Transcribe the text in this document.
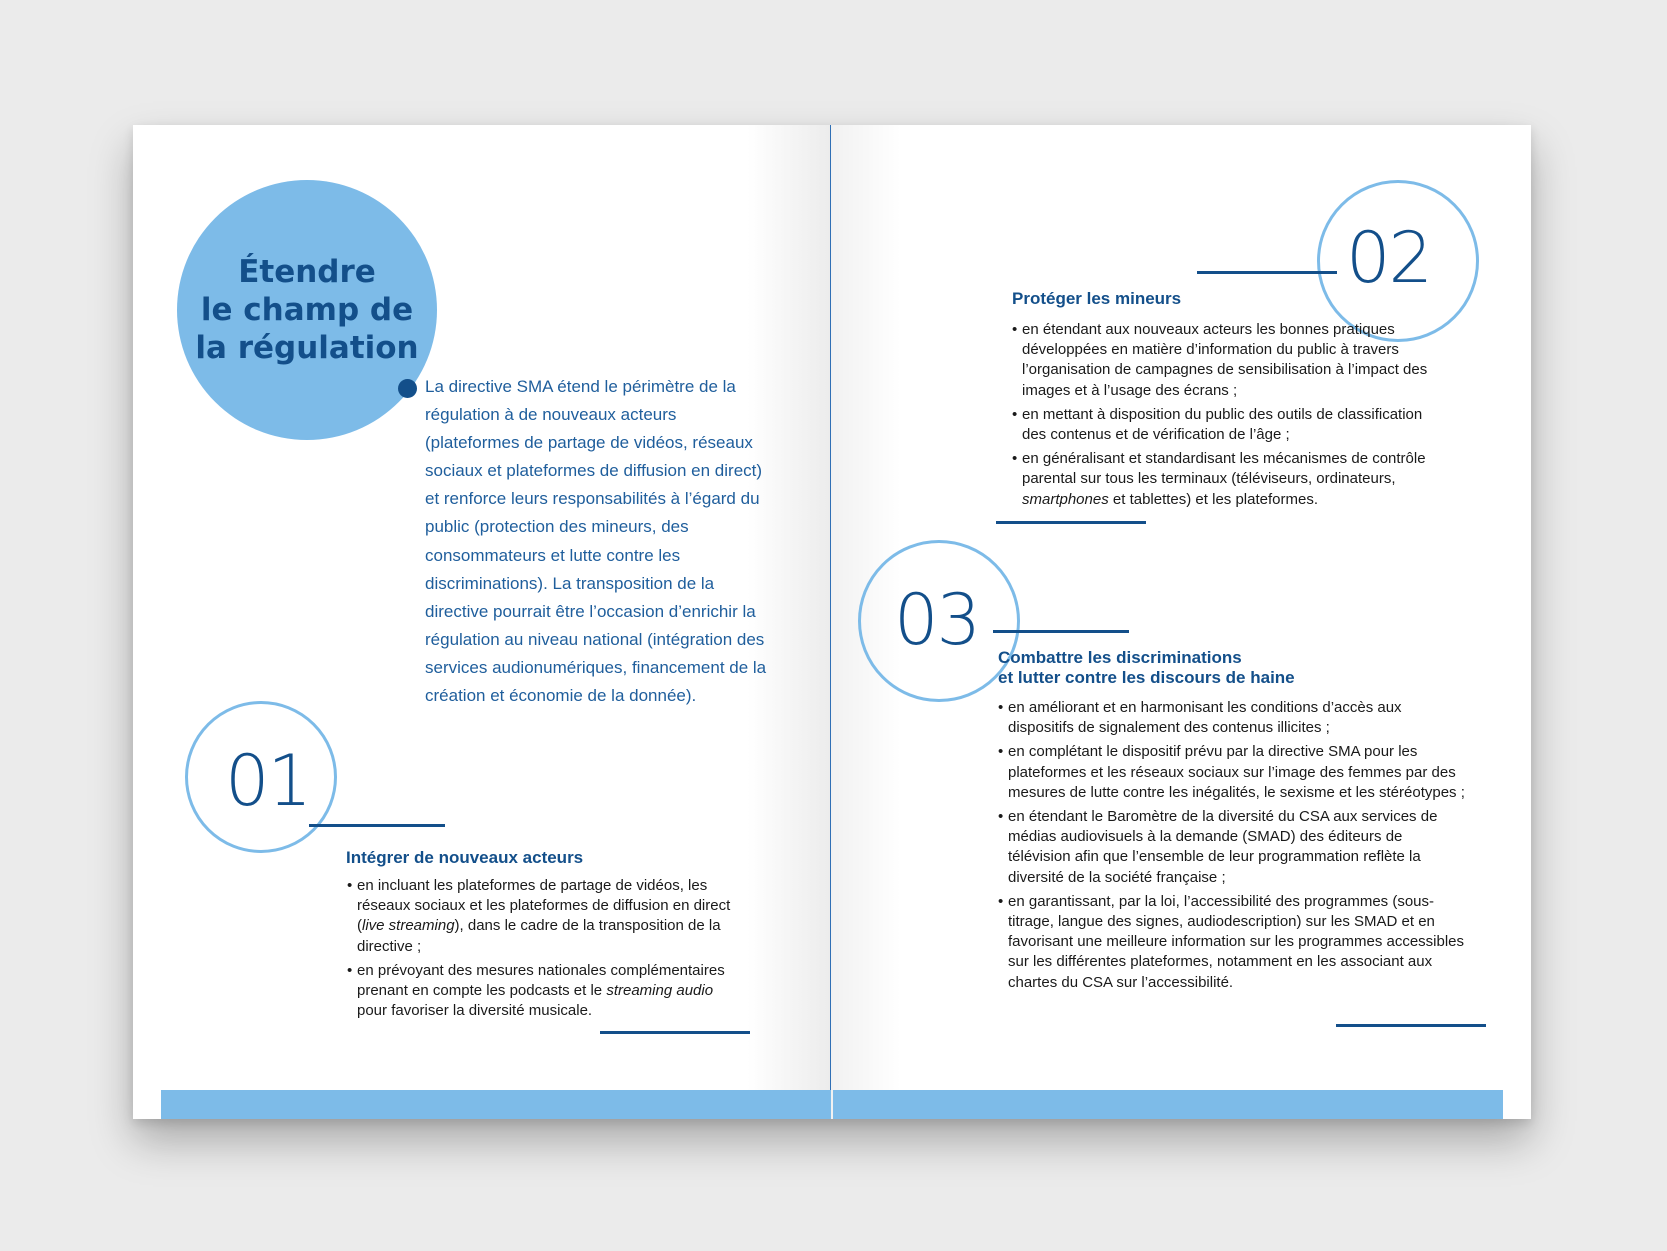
Étendre
le champ de
la régulation

La directive SMA étend le périmètre de la régulation à de nouveaux acteurs (plateformes de partage de vidéos, réseaux sociaux et plateformes de diffusion en direct) et renforce leurs responsabilités à l’égard du public (protection des mineurs, des consommateurs et lutte contre les discriminations). La transposition de la directive pourrait être l’occasion d’enrichir la régulation au niveau national (intégration des services audionumériques, financement de la création et économie de la donnée).

01
Intégrer de nouveaux acteurs
• en incluant les plateformes de partage de vidéos, les réseaux sociaux et les plateformes de diffusion en direct (live streaming), dans le cadre de la transposition de la directive ;
• en prévoyant des mesures nationales complémentaires prenant en compte les podcasts et le streaming audio pour favoriser la diversité musicale.
02
Protéger les mineurs
• en étendant aux nouveaux acteurs les bonnes pratiques développées en matière d’information du public à travers l’organisation de campagnes de sensibilisation à l’impact des images et à l’usage des écrans ;
• en mettant à disposition du public des outils de classification des contenus et de vérification de l’âge ;
• en généralisant et standardisant les mécanismes de contrôle parental sur tous les terminaux (téléviseurs, ordinateurs, smartphones et tablettes) et les plateformes.
03 Combattre les discriminations
et lutter contre les discours de haine
• en améliorant et en harmonisant les conditions d’accès aux dispositifs de signalement des contenus illicites ;
• en complétant le dispositif prévu par la directive SMA pour les plateformes et les réseaux sociaux sur l’image des femmes par des mesures de lutte contre les inégalités, le sexisme et les stéréotypes ;
• en étendant le Baromètre de la diversité du CSA aux services de médias audiovisuels à la demande (SMAD) des éditeurs de télévision afin que l’ensemble de leur programmation reflète la diversité de la société française ;
• en garantissant, par la loi, l’accessibilité des programmes (sous-titrage, langue des signes, audiodescription) sur les SMAD et en favorisant une meilleure information sur les programmes accessibles sur les différentes plateformes, notamment en les associant aux chartes du CSA sur l’accessibilité.
